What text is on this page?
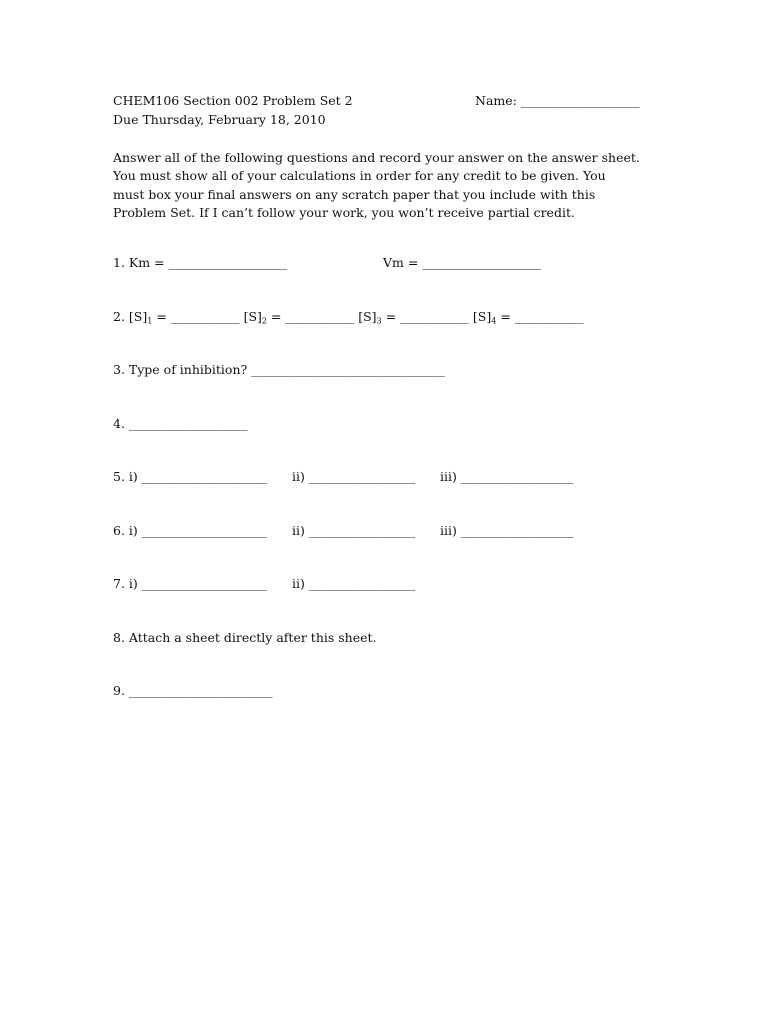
CHEM106 Section 002 Problem Set 2	Name: ___________________
Due Thursday, February 18, 2010
Answer all of the following questions and record your answer on the answer sheet.
You must show all of your calculations in order for any credit to be given. You
must box your final answers on any scratch paper that you include with this
Problem Set. If I can’t follow your work, you won’t receive partial credit.
1. Km = ___________________	Vm = ___________________
2. $[S]_1$ = ___________ $[S]_2$ = ___________ $[S]_3$ = ___________ $[S]_4$ = ___________
3. Type of inhibition? _______________________________
4. ___________________
5. i) ____________________ ii) _________________ iii) __________________
6. i) ____________________ ii) _________________ iii) __________________
7. i) ____________________ ii) _________________
8. Attach a sheet directly after this sheet.
9. _______________________
